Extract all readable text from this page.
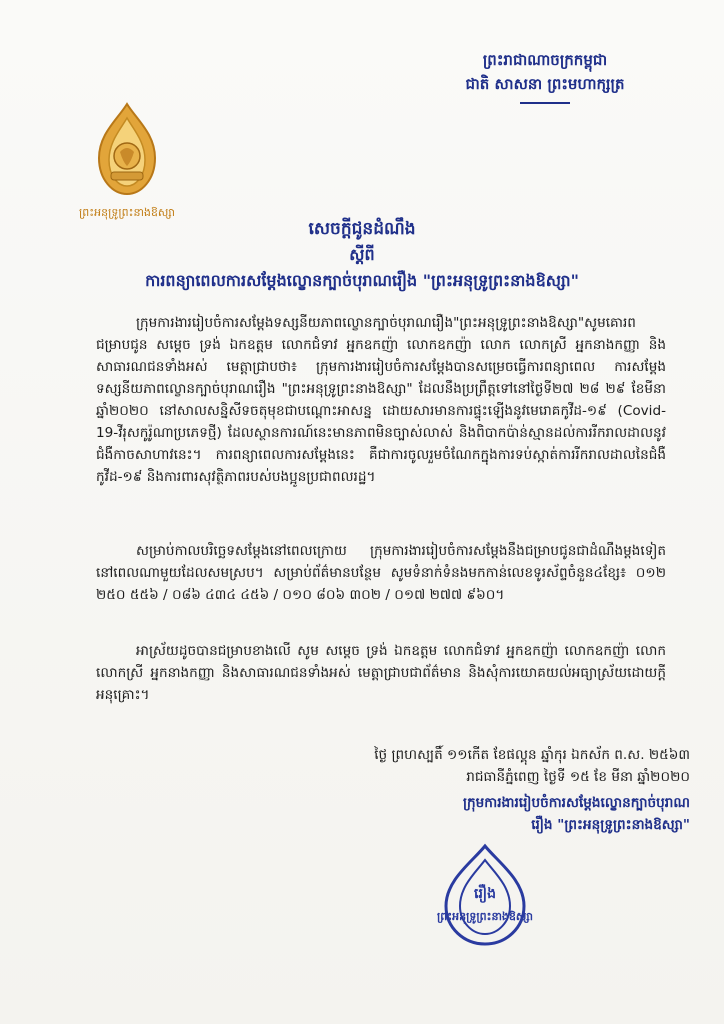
ព្រះរាជាណាចក្រកម្ពុជា
ជាតិ សាសនា ព្រះមហាក្សត្រ
ព្រះអនុទ្រូព្រះនាងឱស្សា
សេចក្តីជូនដំណឹង
ស្តីពី
ការពន្យាពេលការសម្តែងល្ខោនក្បាច់បុរាណរឿង "ព្រះអនុទ្រូព្រះនាងឱស្សា"
ក្រុមការងាររៀបចំការសម្តែងទស្សនីយភាពល្ខោនក្បាច់បុរាណរឿង"ព្រះអនុទ្រូព្រះនាងឱស្សា"សូមគោរពជម្រាបជូន សម្តេច ទ្រង់ ឯកឧត្តម លោកជំទាវ អ្នកឧកញ៉ា លោកឧកញ៉ា លោក លោកស្រី អ្នកនាងកញ្ញា និងសាធារណជនទាំងអស់ មេត្តាជ្រាបថា៖ ក្រុមការងាររៀបចំការសម្តែងបានសម្រេចធ្វើការពន្យាពេល ការសម្តែង ទស្សនីយភាពល្ខោនក្បាច់បុរាណរឿង "ព្រះអនុទ្រូព្រះនាងឱស្សា" ដែលនឹងប្រព្រឹត្តទៅនៅថ្ងៃទី២៧ ២៨ ២៩ ខែមីនា ឆ្នាំ២០២០ នៅសាលសន្និសីទចតុមុខជាបណ្តោះអាសន្ន ដោយសារមានការផ្ទុះឡើងនូវមេរោគកូវីដ-១៩ (Covid-19-វីរុសកូរ៉ូណាប្រភេទថ្មី) ដែលស្ថានការណ៍នេះមានភាពមិនច្បាស់លាស់ និងពិបាកប៉ាន់ស្មានដល់ការរីករាលដាលនូវជំងឺកាចសាហាវនេះ។ ការពន្យាពេលការសម្តែងនេះ គឺជាការចូលរួមចំណែកក្នុងការទប់ស្កាត់ការរីករាលដាលនៃជំងឺ កូវីដ-១៩ និងការពារសុវត្ថិភាពរបស់បងប្អូនប្រជាពលរដ្ឋ។
សម្រាប់កាលបរិច្ឆេទសម្តែងនៅពេលក្រោយ ក្រុមការងាររៀបចំការសម្តែងនឹងជម្រាបជូនជាដំណឹងម្តងទៀតនៅពេលណាមួយដែលសមស្រប។ សម្រាប់ព័ត៌មានបន្ថែម សូមទំនាក់ទំនងមកកាន់លេខទូរស័ព្ទចំនួន៤ខ្សែ៖ ០១២ ២៥០ ៥៥៦ / ០៨៦ ៤៣៤ ៤៥៦ / ០១០ ៨០៦ ៣០២ / ០១៧ ២៧៧ ៩៦០។
អាស្រ័យដូចបានជម្រាបខាងលើ សូម សម្តេច ទ្រង់ ឯកឧត្តម លោកជំទាវ អ្នកឧកញ៉ា លោកឧកញ៉ា លោក លោកស្រី អ្នកនាងកញ្ញា និងសាធារណជនទាំងអស់ មេត្តាជ្រាបជាព័ត៌មាន និងសុំការយោគយល់អធ្យាស្រ័យដោយក្តីអនុគ្រោះ។
ថ្ងៃ ព្រហស្បតិ៍ ១១កើត ខែផល្គុន ឆ្នាំកុរ ឯកស័ក ព.ស. ២៥៦៣
រាជធានីភ្នំពេញ ថ្ងៃទី ១៥ ខែ មីនា ឆ្នាំ២០២០
ក្រុមការងាររៀបចំការសម្តែងល្ខោនក្បាច់បុរាណ
រឿង "ព្រះអនុទ្រូព្រះនាងឱស្សា"
រឿង
ព្រះអនុទ្រូព្រះនាងឱស្សា
